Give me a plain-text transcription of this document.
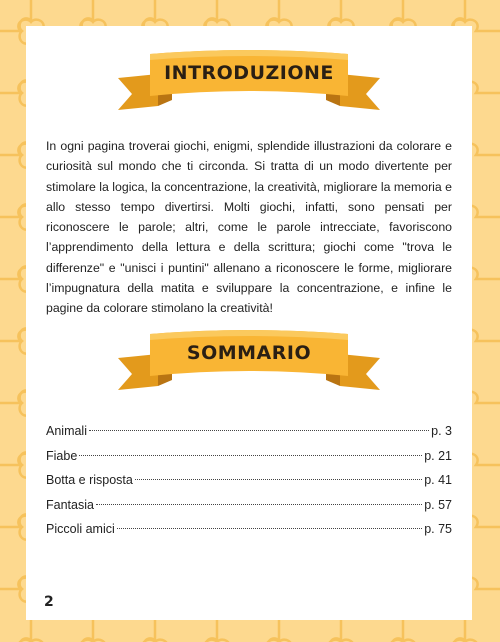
INTRODUZIONE

In ogni pagina troverai giochi, enigmi, splendide illustrazioni da colorare e curiosità sul mondo che ti circonda. Si tratta di un modo divertente per stimolare la logica, la concentrazione, la creatività, migliorare la memoria e allo stesso tempo divertirsi. Molti giochi, infatti, sono pensati per riconoscere le parole; altri, come le parole intrecciate, favoriscono l’apprendimento della lettura e della scrittura; giochi come "trova le differenze" e "unisci i puntini" allenano a riconoscere le forme, migliorare l’impugnatura della matita e sviluppare la concentrazione, e infine le pagine da colorare stimolano la creatività!

SOMMARIO
Animali	p. 3
Fiabe	p. 21
Botta e risposta	p. 41
Fantasia	p. 57
Piccoli amici	p. 75
2
